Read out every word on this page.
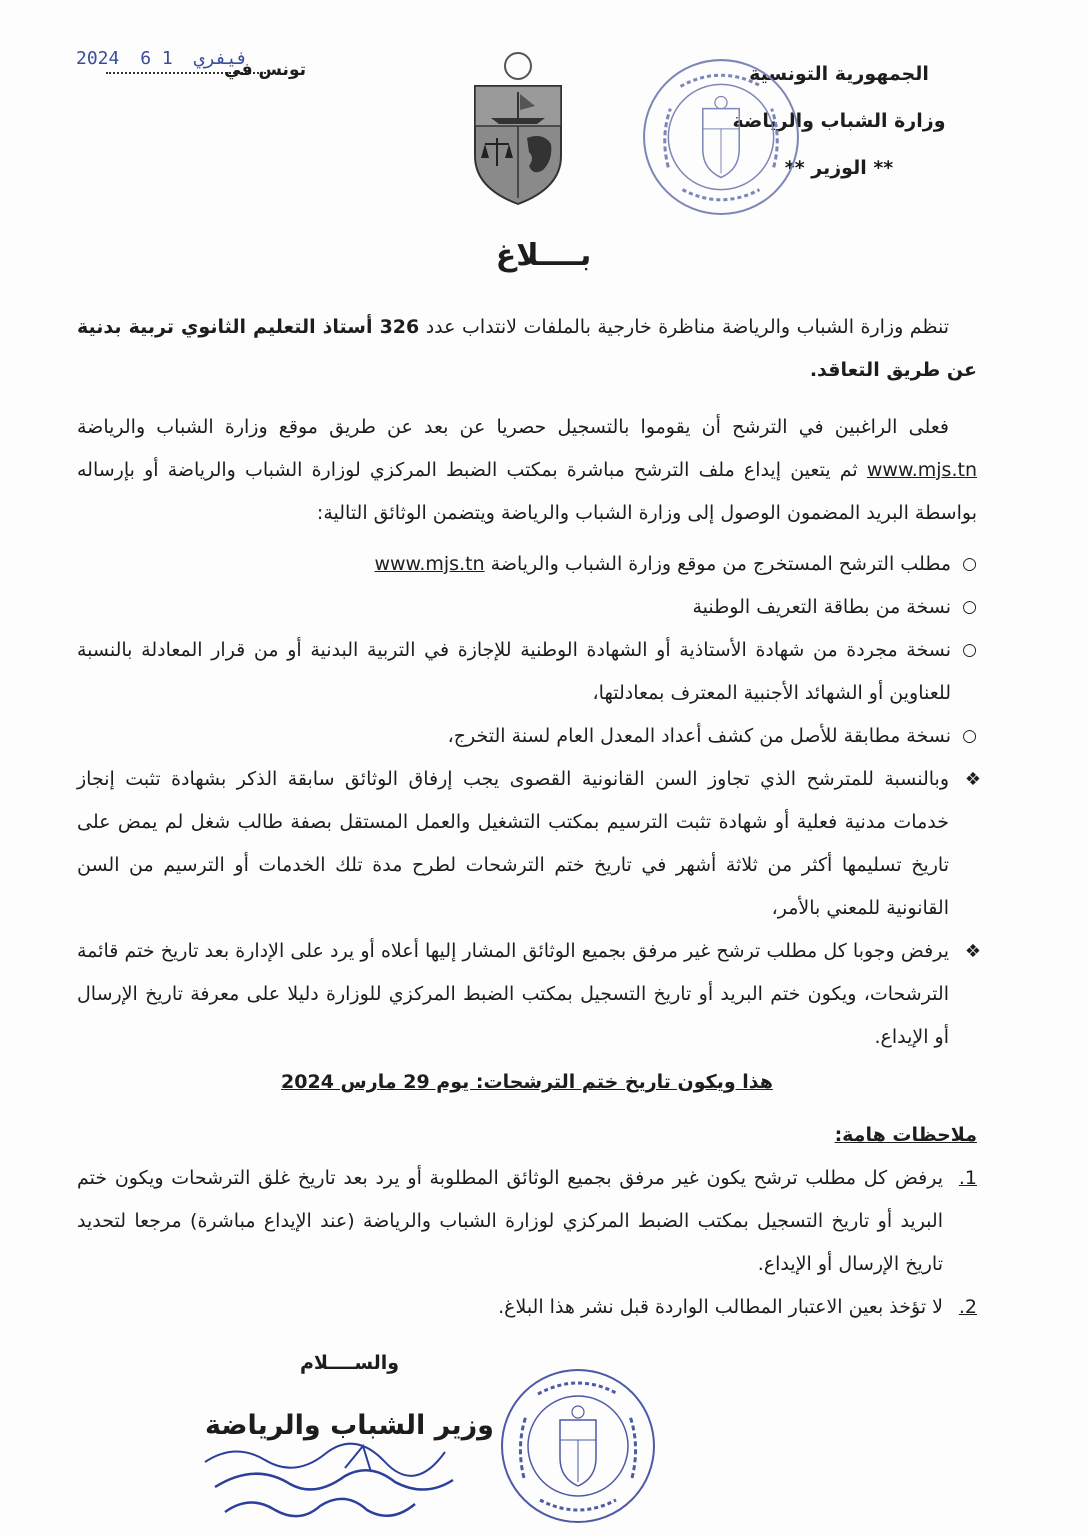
الجمهورية التونسية
وزارة الشباب والرياضة
** الوزير **
2024	فيفري 1 6
تونس في
بــــلاغ

تنظم وزارة الشباب والرياضة مناظرة خارجية بالملفات لانتداب عدد 326 أستاذ التعليم الثانوي تربية بدنية عن طريق التعاقد.

فعلى الراغبين في الترشح أن يقوموا بالتسجيل حصريا عن بعد عن طريق موقع وزارة الشباب والرياضة www.mjs.tn ثم يتعين إيداع ملف الترشح مباشرة بمكتب الضبط المركزي لوزارة الشباب والرياضة أو بإرساله بواسطة البريد المضمون الوصول إلى وزارة الشباب والرياضة ويتضمن الوثائق التالية:

○ مطلب الترشح المستخرج من موقع وزارة الشباب والرياضة www.mjs.tn
○ نسخة من بطاقة التعريف الوطنية
○ نسخة مجردة من شهادة الأستاذية أو الشهادة الوطنية للإجازة في التربية البدنية أو من قرار المعادلة بالنسبة للعناوين أو الشهائد الأجنبية المعترف بمعادلتها،
○ نسخة مطابقة للأصل من كشف أعداد المعدل العام لسنة التخرج،
❖ وبالنسبة للمترشح الذي تجاوز السن القانونية القصوى يجب إرفاق الوثائق سابقة الذكر بشهادة تثبت إنجاز خدمات مدنية فعلية أو شهادة تثبت الترسيم بمكتب التشغيل والعمل المستقل بصفة طالب شغل لم يمض على تاريخ تسليمها أكثر من ثلاثة أشهر في تاريخ ختم الترشحات لطرح مدة تلك الخدمات أو الترسيم من السن القانونية للمعني بالأمر،
❖ يرفض وجوبا كل مطلب ترشح غير مرفق بجميع الوثائق المشار إليها أعلاه أو يرد على الإدارة بعد تاريخ ختم قائمة الترشحات، ويكون ختم البريد أو تاريخ التسجيل بمكتب الضبط المركزي للوزارة دليلا على معرفة تاريخ الإرسال أو الإيداع.
هذا ويكون تاريخ ختم الترشحات: يوم 29 مارس 2024
ملاحظات هامة:
1.
يرفض كل مطلب ترشح يكون غير مرفق بجميع الوثائق المطلوبة أو يرد بعد تاريخ غلق الترشحات ويكون ختم البريد أو تاريخ التسجيل بمكتب الضبط المركزي لوزارة الشباب والرياضة (عند الإيداع مباشرة) مرجعا لتحديد تاريخ الإرسال أو الإيداع.
2.
لا تؤخذ بعين الاعتبار المطالب الواردة قبل نشر هذا البلاغ.
والســــلام
وزير الشباب والرياضة
